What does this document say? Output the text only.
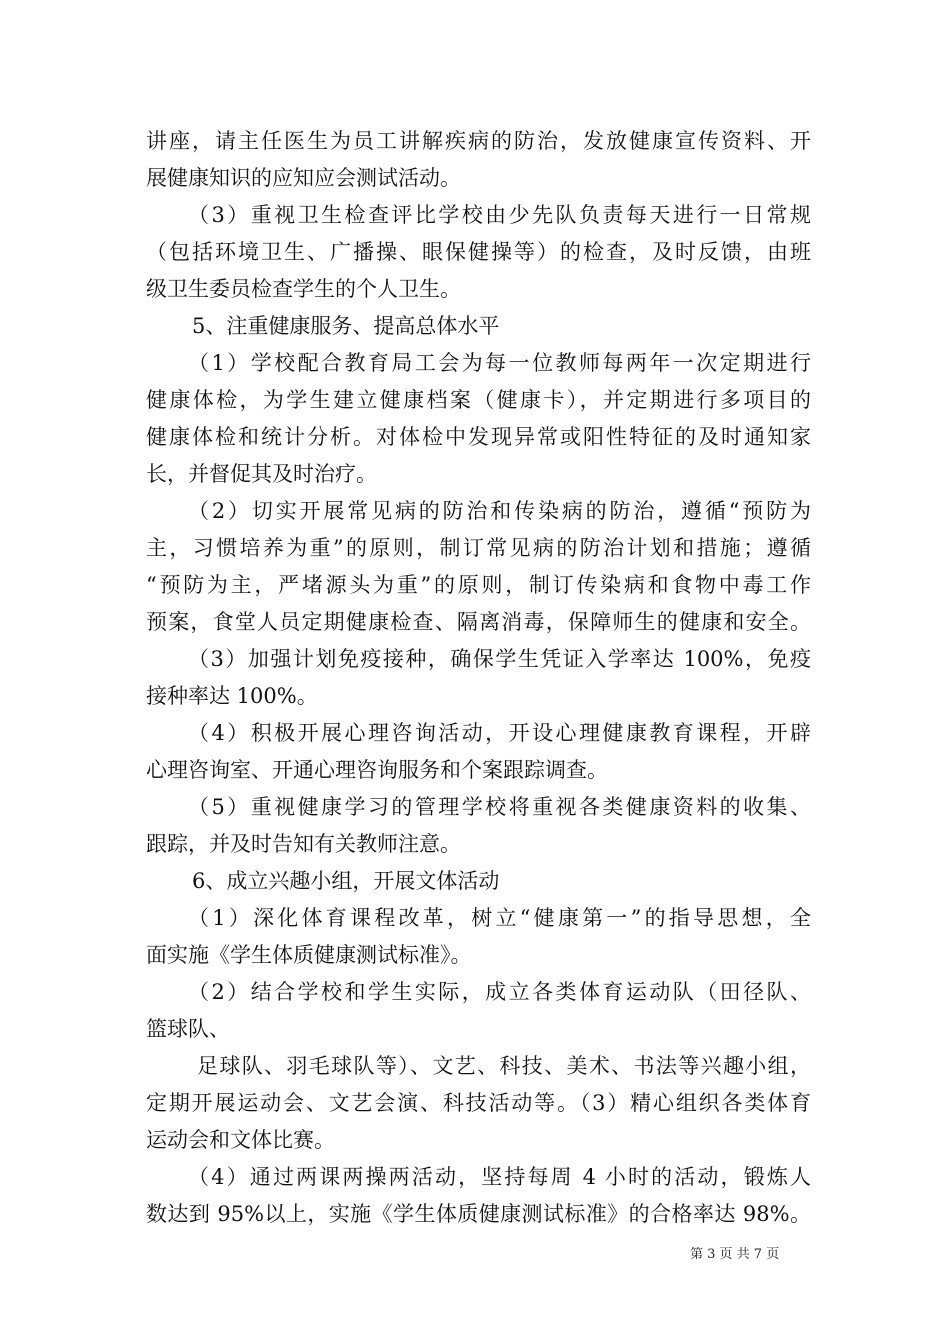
讲座，请主任医生为员工讲解疾病的防治，发放健康宣传资料、开

展健康知识的应知应会测试活动。

（3）重视卫生检查评比学校由少先队负责每天进行一日常规

（包括环境卫生、广播操、眼保健操等）的检查，及时反馈，由班

级卫生委员检查学生的个人卫生。

5、注重健康服务、提高总体水平

（1）学校配合教育局工会为每一位教师每两年一次定期进行

健康体检，为学生建立健康档案（健康卡），并定期进行多项目的

健康体检和统计分析。对体检中发现异常或阳性特征的及时通知家

长，并督促其及时治疗。

（2）切实开展常见病的防治和传染病的防治，遵循“预防为

主，习惯培养为重”的原则，制订常见病的防治计划和措施；遵循

“预防为主，严堵源头为重”的原则，制订传染病和食物中毒工作

预案，食堂人员定期健康检查、隔离消毒，保障师生的健康和安全。

（3）加强计划免疫接种，确保学生凭证入学率达 100%，免疫

接种率达 100%。

（4）积极开展心理咨询活动，开设心理健康教育课程，开辟

心理咨询室、开通心理咨询服务和个案跟踪调查。

（5）重视健康学习的管理学校将重视各类健康资料的收集、

跟踪，并及时告知有关教师注意。

6、成立兴趣小组，开展文体活动

（1）深化体育课程改革，树立“健康第一”的指导思想，全

面实施《学生体质健康测试标准》。

（2）结合学校和学生实际，成立各类体育运动队（田径队、

篮球队、

足球队、羽毛球队等）、文艺、科技、美术、书法等兴趣小组，

定期开展运动会、文艺会演、科技活动等。（3）精心组织各类体育

运动会和文体比赛。

（4）通过两课两操两活动，坚持每周 4 小时的活动，锻炼人

数达到 95%以上，实施《学生体质健康测试标准》的合格率达 98%。

第 3 页 共 7 页
